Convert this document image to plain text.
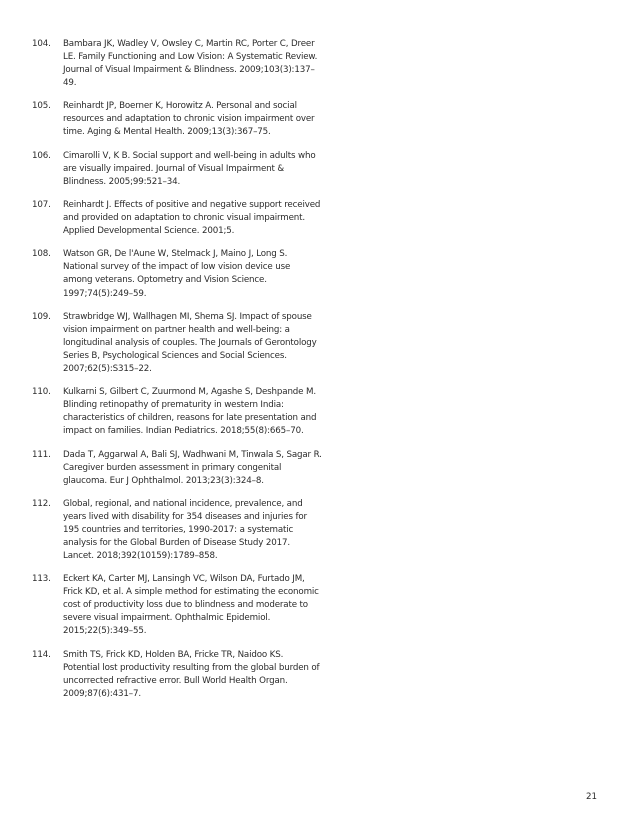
104.	Bambara JK, Wadley V, Owsley C, Martin RC, Porter C, Dreer LE. Family Functioning and Low Vision: A Systematic Review. Journal of Visual Impairment & Blindness. 2009;103(3):137–49.
105.	Reinhardt JP, Boerner K, Horowitz A. Personal and social resources and adaptation to chronic vision impairment over time. Aging & Mental Health. 2009;13(3):367–75.
106.	Cimarolli V, K B. Social support and well-being in adults who are visually impaired. Journal of Visual Impairment & Blindness. 2005;99:521–34.
107.	Reinhardt J. Effects of positive and negative support received and provided on adaptation to chronic visual impairment. Applied Developmental Science. 2001;5.
108.	Watson GR, De l'Aune W, Stelmack J, Maino J, Long S. National survey of the impact of low vision device use among veterans. Optometry and Vision Science. 1997;74(5):249–59.
109.	Strawbridge WJ, Wallhagen MI, Shema SJ. Impact of spouse vision impairment on partner health and well-being: a longitudinal analysis of couples. The Journals of Gerontology Series B, Psychological Sciences and Social Sciences. 2007;62(5):S315–22.
110.	Kulkarni S, Gilbert C, Zuurmond M, Agashe S, Deshpande M. Blinding retinopathy of prematurity in western India: characteristics of children, reasons for late presentation and impact on families. Indian Pediatrics. 2018;55(8):665–70.
111.	Dada T, Aggarwal A, Bali SJ, Wadhwani M, Tinwala S, Sagar R. Caregiver burden assessment in primary congenital glaucoma. Eur J Ophthalmol. 2013;23(3):324–8.
112.	Global, regional, and national incidence, prevalence, and years lived with disability for 354 diseases and injuries for 195 countries and territories, 1990-2017: a systematic analysis for the Global Burden of Disease Study 2017. Lancet. 2018;392(10159):1789–858.
113.	Eckert KA, Carter MJ, Lansingh VC, Wilson DA, Furtado JM, Frick KD, et al. A simple method for estimating the economic cost of productivity loss due to blindness and moderate to severe visual impairment. Ophthalmic Epidemiol. 2015;22(5):349–55.
114.	Smith TS, Frick KD, Holden BA, Fricke TR, Naidoo KS. Potential lost productivity resulting from the global burden of uncorrected refractive error. Bull World Health Organ. 2009;87(6):431–7.
21
